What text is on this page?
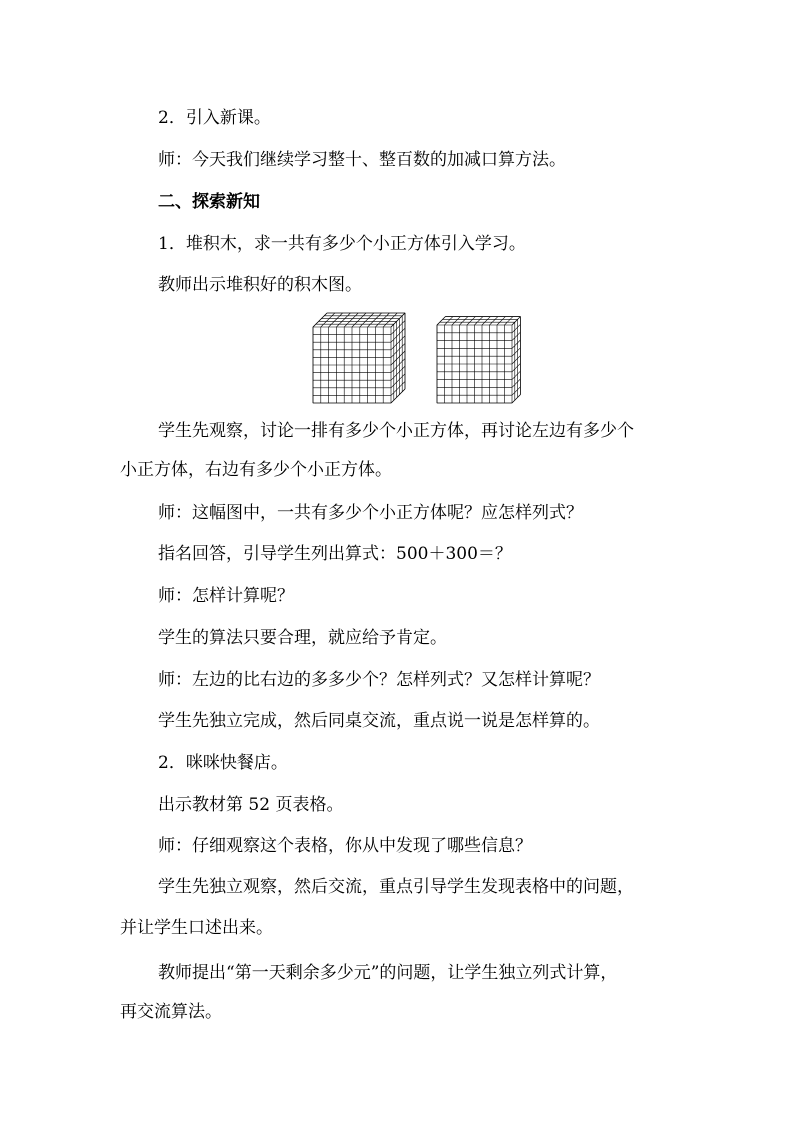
2．引入新课。
师：今天我们继续学习整十、整百数的加减口算方法。
二、探索新知
1．堆积木，求一共有多少个小正方体引入学习。
教师出示堆积好的积木图。
学生先观察，讨论一排有多少个小正方体，再讨论左边有多少个
小正方体，右边有多少个小正方体。
师：这幅图中，一共有多少个小正方体呢？应怎样列式？
指名回答，引导学生列出算式：500＋300＝？
师：怎样计算呢？
学生的算法只要合理，就应给予肯定。
师：左边的比右边的多多少个？怎样列式？又怎样计算呢？
学生先独立完成，然后同桌交流，重点说一说是怎样算的。
2．咪咪快餐店。
出示教材第 52 页表格。
师：仔细观察这个表格，你从中发现了哪些信息？
学生先独立观察，然后交流，重点引导学生发现表格中的问题，
并让学生口述出来。
教师提出“第一天剩余多少元”的问题，让学生独立列式计算，
再交流算法。
